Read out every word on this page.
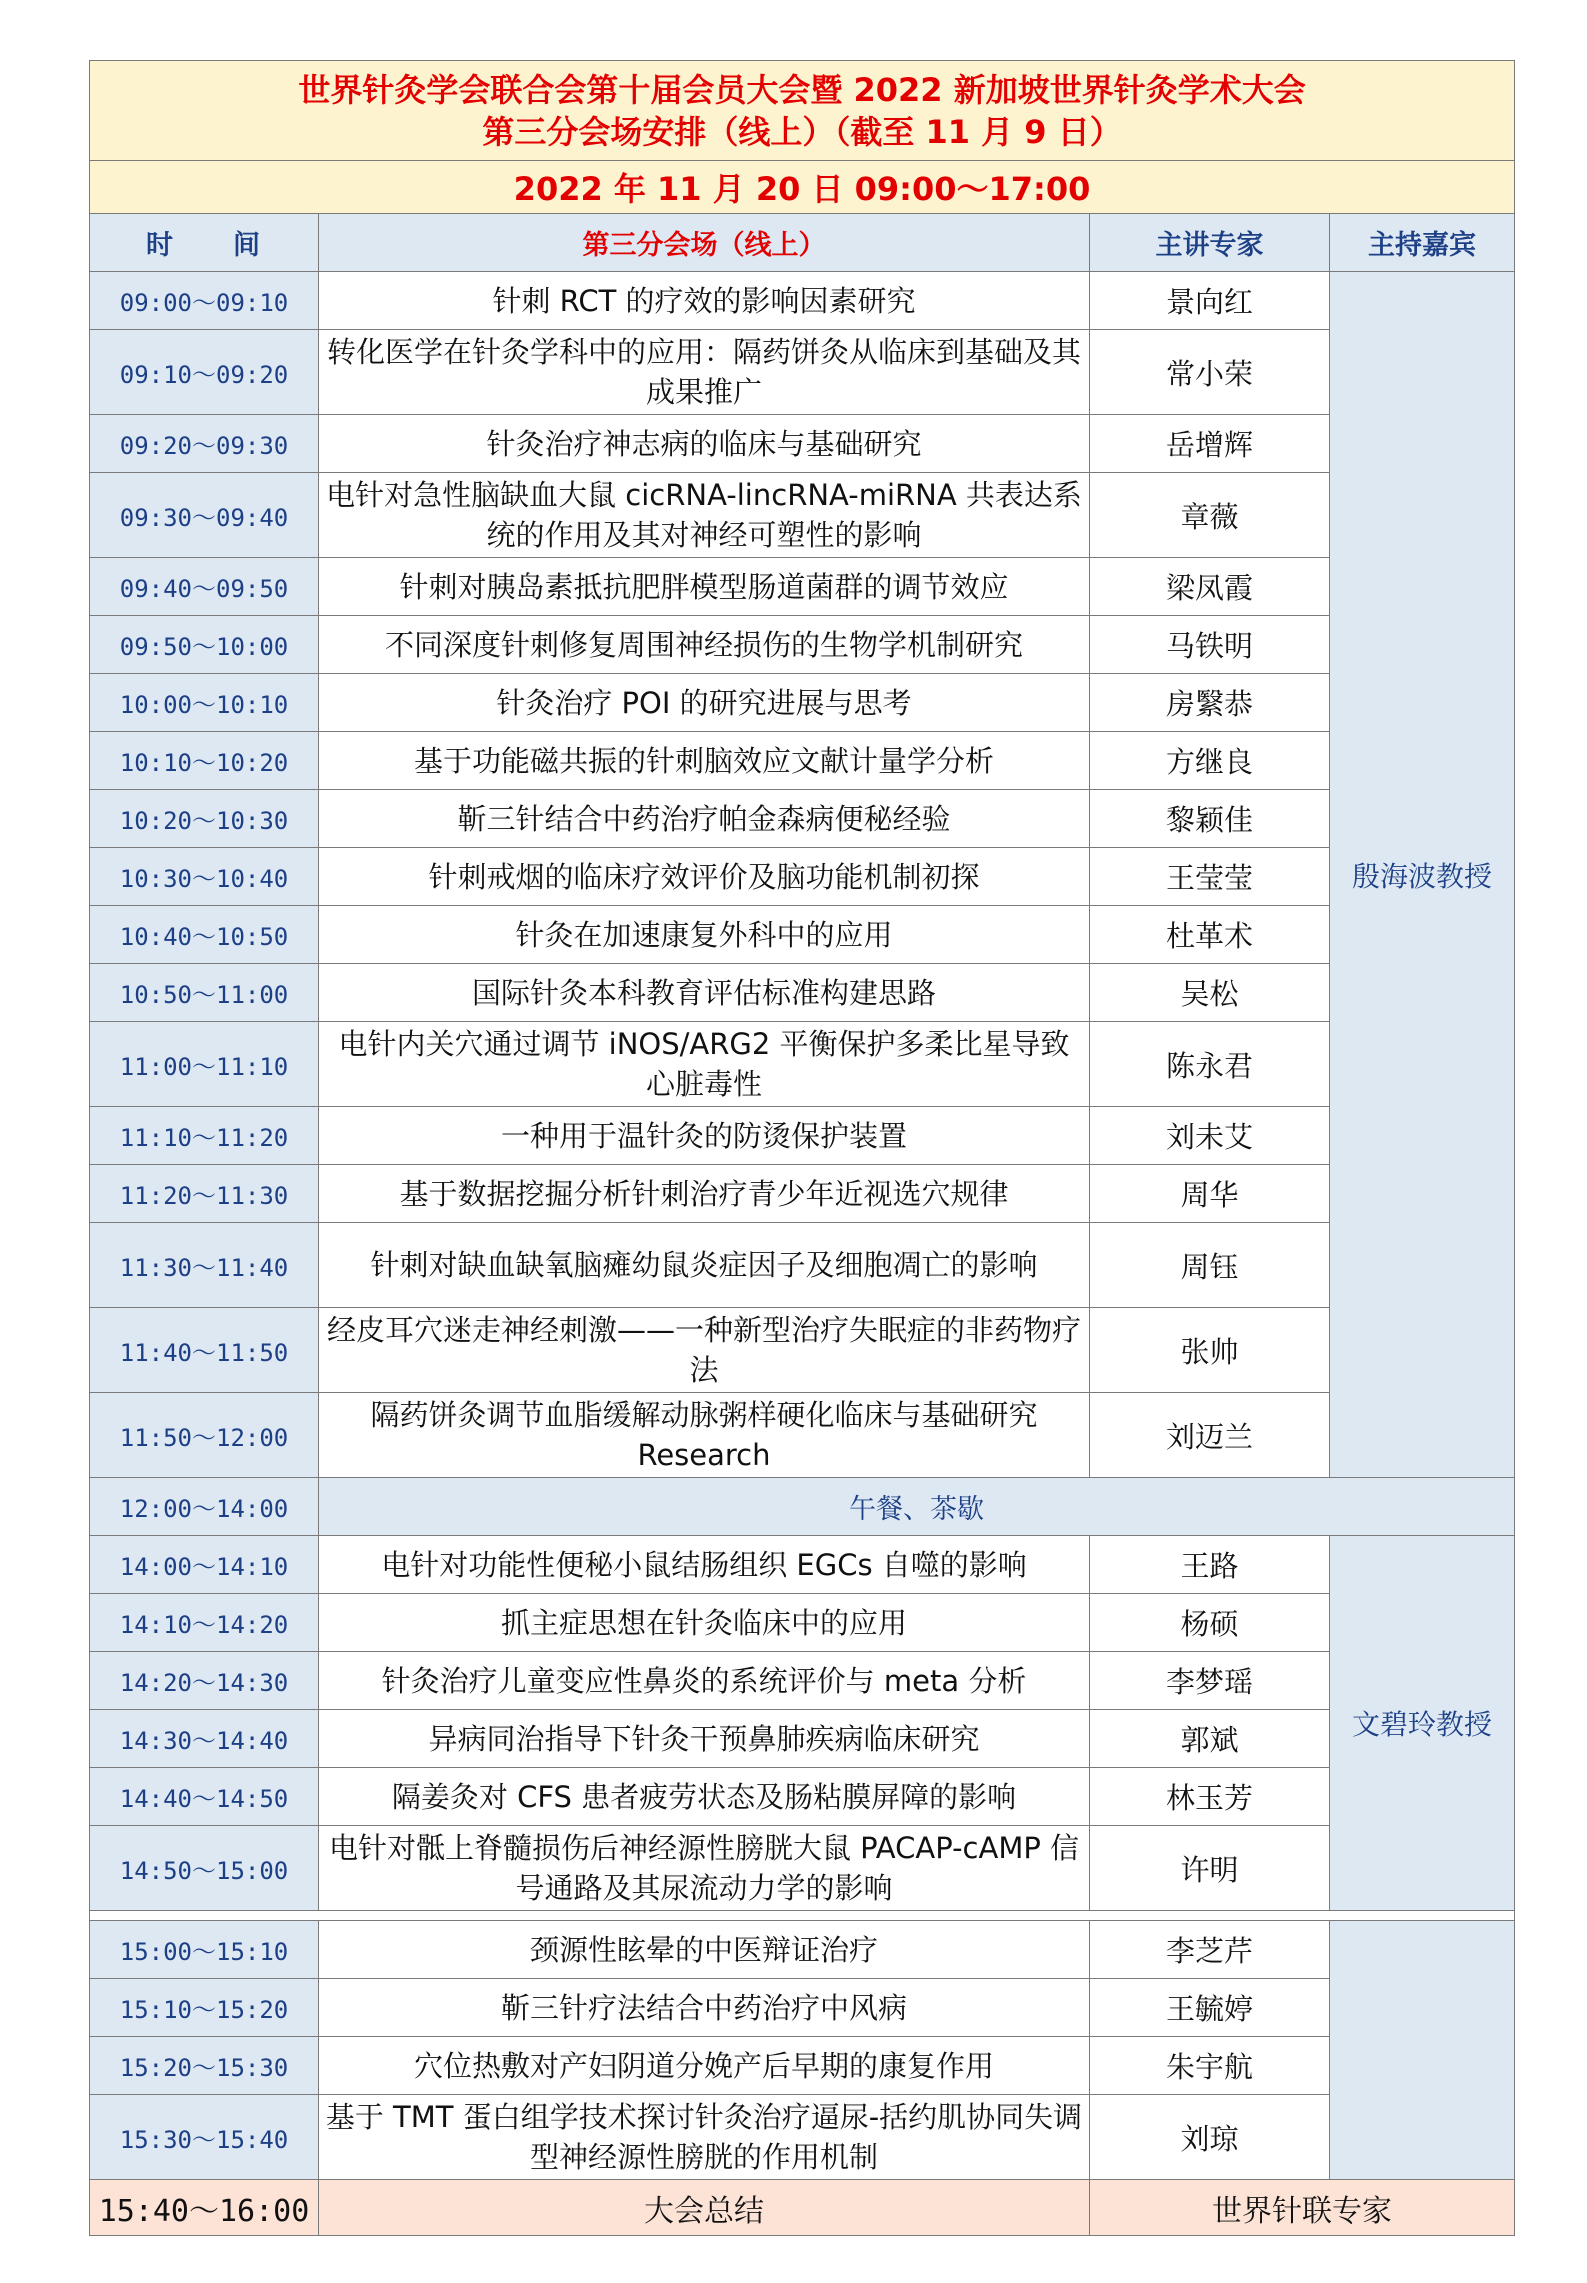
世界针灸学会联合会第十届会员大会暨 2022 新加坡世界针灸学术大会
第三分会场安排（线上）（截至 11 月 9 日）			

2022 年 11 月 20 日 09:00～17:00			
时　　间	第三分会场（线上）	主讲专家	主持嘉宾
09:00～09:10	针刺 RCT 的疗效的影响因素研究	景向红	殷海波教授
09:10～09:20	转化医学在针灸学科中的应用：隔药饼灸从临床到基础及其成果推广	常小荣	
09:20～09:30	针灸治疗神志病的临床与基础研究	岳增辉	
09:30～09:40	电针对急性脑缺血大鼠 cicRNA-lincRNA-miRNA 共表达系统的作用及其对神经可塑性的影响	章薇	
09:40～09:50	针刺对胰岛素抵抗肥胖模型肠道菌群的调节效应	梁凤霞	
09:50～10:00	不同深度针刺修复周围神经损伤的生物学机制研究	马铁明	
10:00～10:10	针灸治疗 POI 的研究进展与思考	房繄恭	
10:10～10:20	基于功能磁共振的针刺脑效应文献计量学分析	方继良	
10:20～10:30	靳三针结合中药治疗帕金森病便秘经验	黎颖佳	
10:30～10:40	针刺戒烟的临床疗效评价及脑功能机制初探	王莹莹	
10:40～10:50	针灸在加速康复外科中的应用	杜革术	
10:50～11:00	国际针灸本科教育评估标准构建思路	吴松	
11:00～11:10	电针内关穴通过调节 iNOS/ARG2 平衡保护多柔比星导致心脏毒性	陈永君	
11:10～11:20	一种用于温针灸的防烫保护装置	刘未艾	
11:20～11:30	基于数据挖掘分析针刺治疗青少年近视选穴规律	周华	
11:30～11:40	针刺对缺血缺氧脑瘫幼鼠炎症因子及细胞凋亡的影响	周钰	
11:40～11:50	经皮耳穴迷走神经刺激——一种新型治疗失眠症的非药物疗法	张帅	
11:50～12:00	隔药饼灸调节血脂缓解动脉粥样硬化临床与基础研究 Research	刘迈兰	
12:00～14:00	午餐、茶歇		
14:00～14:10	电针对功能性便秘小鼠结肠组织 EGCs 自噬的影响	王路	文碧玲教授
14:10～14:20	抓主症思想在针灸临床中的应用	杨硕	
14:20～14:30	针灸治疗儿童变应性鼻炎的系统评价与 meta 分析	李梦瑶	
14:30～14:40	异病同治指导下针灸干预鼻肺疾病临床研究	郭斌	
14:40～14:50	隔姜灸对 CFS 患者疲劳状态及肠粘膜屏障的影响	林玉芳	
14:50～15:00	电针对骶上脊髓损伤后神经源性膀胱大鼠 PACAP-cAMP 信号通路及其尿流动力学的影响	许明	

15:00～15:10	颈源性眩晕的中医辩证治疗	李芝芹	
15:10～15:20	靳三针疗法结合中药治疗中风病	王毓婷	
15:20～15:30	穴位热敷对产妇阴道分娩产后早期的康复作用	朱宇航	
15:30～15:40	基于 TMT 蛋白组学技术探讨针灸治疗逼尿-括约肌协同失调型神经源性膀胱的作用机制	刘琼	
15:40～16:00	大会总结	世界针联专家	
